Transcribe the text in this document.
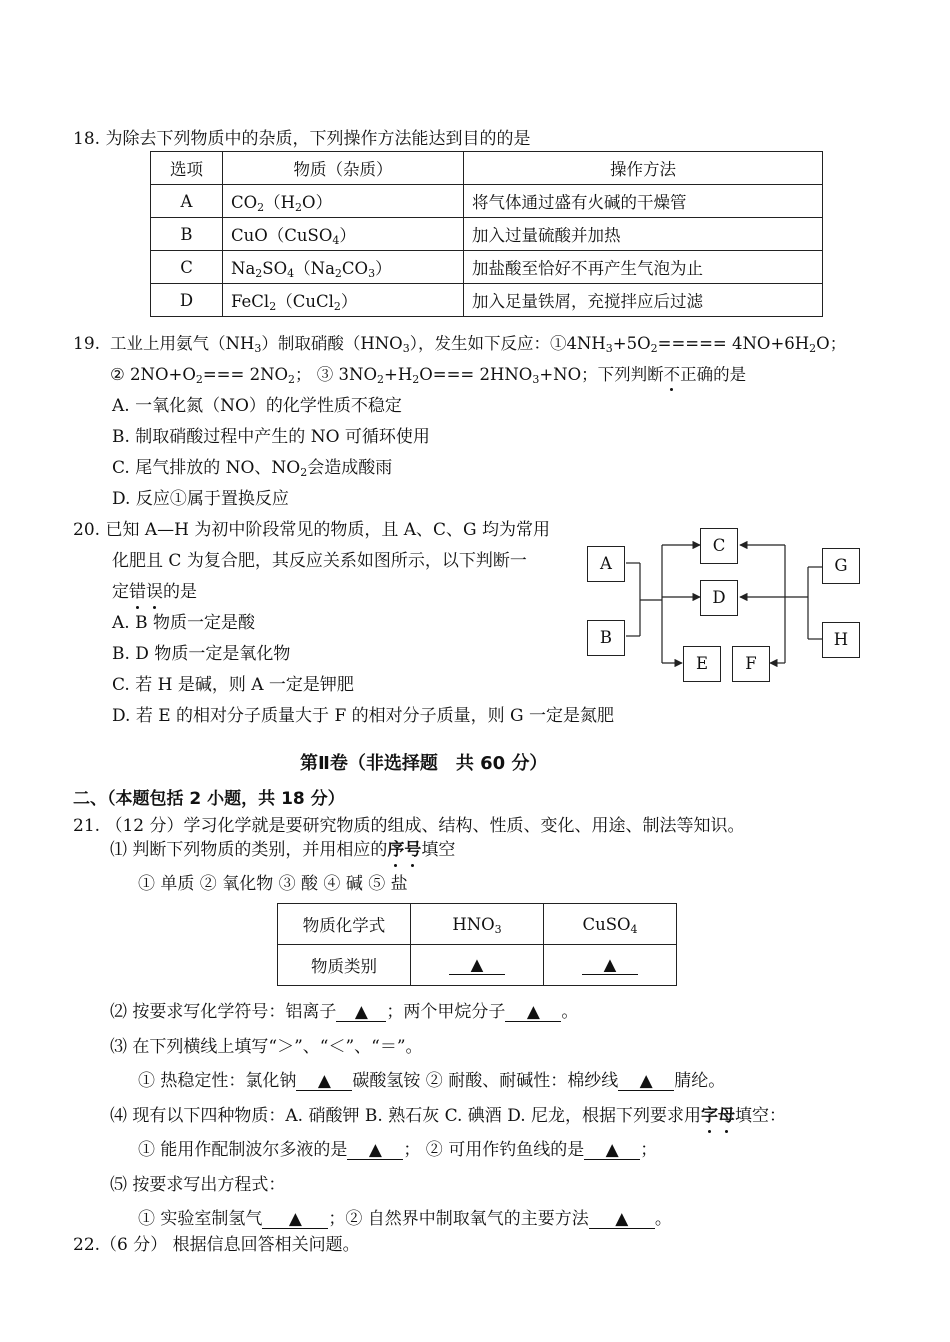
18. 为除去下列物质中的杂质，下列操作方法能达到目的的是
选项	物质（杂质）	操作方法
A	$CO_2(H_2O)$	将气体通过盛有火碱的干燥管
B	CuO（CuSO$_4$）	加入过量硫酸并加热
C	$Na_2SO_4(Na_2CO_3)$	加盐酸至恰好不再产生气泡为止
D	FeCl$_2$（CuCl$_2$）	加入足量铁屑，充搅拌应后过滤
19. 工业上用氨气$(NH_3)$制取硝酸$(HNO_3)$，发生如下反应：$①4NH_3+5O_2===== 4NO+6H_2O$；
② $2NO+O_2=== 2NO_2$； ③ $3NO_2+H_2O=== 2HNO_3+NO$；下列判断不正确的是
A. 一氧化氮（NO）的化学性质不稳定
B. 制取硝酸过程中产生的 NO 可循环使用
C. 尾气排放的 NO、$NO_2$会造成酸雨
D. 反应①属于置换反应
20. 已知 A—H 为初中阶段常见的物质，且 A、C、G 均为常用
化肥且 C 为复合肥，其反应关系如图所示，以下判断一
定错误的是
A. B 物质一定是酸
B. D 物质一定是氧化物
C. 若 H 是碱，则 A 一定是钾肥
D. 若 E 的相对分子质量大于 F 的相对分子质量，则 G 一定是氮肥
A
B
C
D
E	F
G
H
第Ⅱ卷（非选择题　共 60 分）
二、（本题包括 2 小题，共 18 分）
21. （12 分）学习化学就是要研究物质的组成、结构、性质、变化、用途、制法等知识。
⑴ 判断下列物质的类别，并用相应的序号填空
① 单质 ② 氧化物 ③ 酸 ④ 碱 ⑤ 盐
物质化学式	$HNO_3$	CuSO$_4$
物质类别	▲	▲
⑵ 按要求写化学符号：铝离子 ▲ ；两个甲烷分子 ▲ 。
⑶ 在下列横线上填写“＞”、“＜”、“＝”。
① 热稳定性：氯化钠 ▲ 碳酸氢铵 ② 耐酸、耐碱性：棉纱线 ▲ 腈纶。
⑷ 现有以下四种物质：A. 硝酸钾 B. 熟石灰 C. 碘酒 D. 尼龙，根据下列要求用字母填空：
① 能用作配制波尔多液的是 ▲ ； ② 可用作钓鱼线的是 ▲ ；
⑸ 按要求写出方程式：
① 实验室制氢气 ▲ ；② 自然界中制取氧气的主要方法 ▲ 。
22.（6 分） 根据信息回答相关问题。
